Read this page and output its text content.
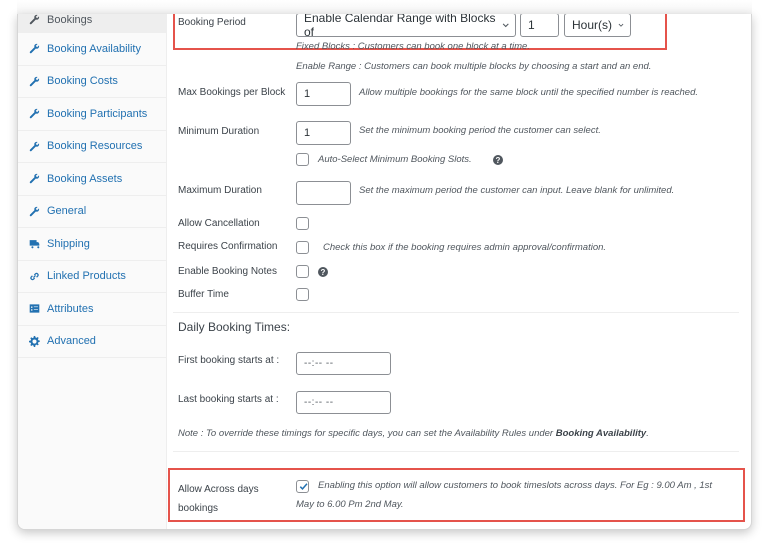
Bookings
Booking Availability
Booking Costs
Booking Participants
Booking Resources
Booking Assets
General
Shipping
Linked Products
Attributes
Advanced
Booking Period	Enable Calendar Range with Blocks of	1	Hour(s)
Fixed Blocks : Customers can book one block at a time.
Enable Range : Customers can book multiple blocks by choosing a start and an end.
Max Bookings per Block 1	Allow multiple bookings for the same block until the specified number is reached.
Minimum Duration	1	Set the minimum booking period the customer can select.
Auto-Select Minimum Booking Slots.	?
Maximum Duration	Set the maximum period the customer can input. Leave blank for unlimited.
Allow Cancellation
Requires Confirmation	Check this box if the booking requires admin approval/confirmation.
Enable Booking Notes	?
Buffer Time
Daily Booking Times:
First booking starts at : --:-- --
Last booking starts at :	--:-- --
Note : To override these timings for specific days, you can set the Availability Rules under Booking Availability.
Allow Across days
bookings
Enabling this option will allow customers to book timeslots across days. For Eg : 9.00 Am , 1st
May to 6.00 Pm 2nd May.
